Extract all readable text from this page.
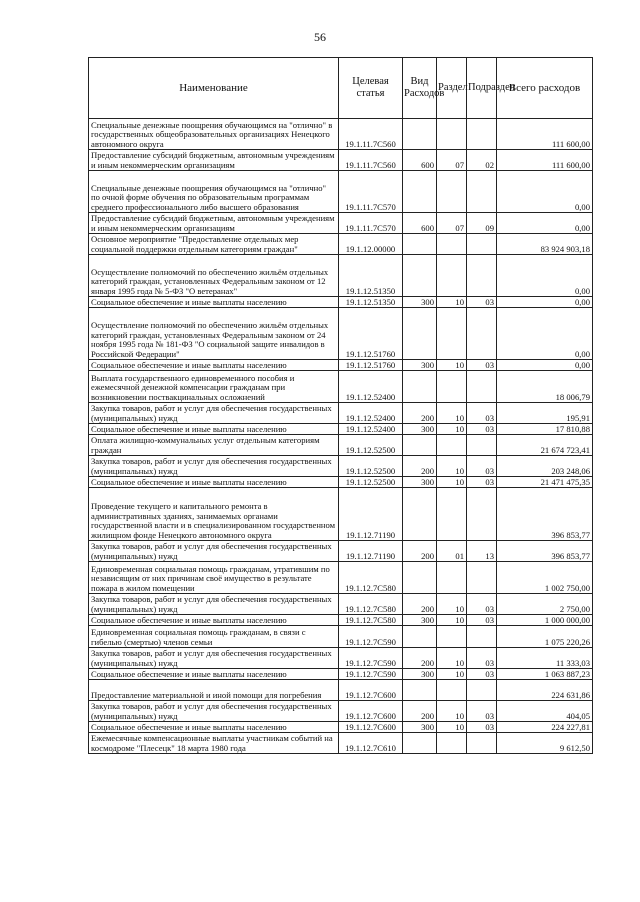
56
Наименование	Целевая статья	Вид Расходов	Раздел	Подраздел	Всего расходов
Специальные денежные поощрения обучающимся на "отлично" в государственных общеобразовательных организациях Ненецкого автономного округа	19.1.11.7С560				111 600,00
Предоставление субсидий бюджетным, автономным учреждениям и иным некоммерческим организациям	19.1.11.7С560	600	07	02	111 600,00
Специальные денежные поощрения обучающимся на "отлично" по очной форме обучения по образовательным программам среднего профессионального либо высшего образования	19.1.11.7С570				0,00
Предоставление субсидий бюджетным, автономным учреждениям и иным некоммерческим организациям	19.1.11.7С570	600	07	09	0,00
Основное мероприятие "Предоставление отдельных мер социальной поддержки отдельным категориям граждан"	19.1.12.00000				83 924 903,18
Осуществление полномочий по обеспечению жильём отдельных категорий граждан, установленных Федеральным законом от 12 января 1995 года № 5-ФЗ "О ветеранах"	19.1.12.51350				0,00
Социальное обеспечение и иные выплаты населению	19.1.12.51350	300	10	03	0,00
Осуществление полномочий по обеспечению жильём отдельных категорий граждан, установленных Федеральным законом от 24 ноября 1995 года № 181-ФЗ "О социальной защите инвалидов в Российской Федерации"	19.1.12.51760				0,00
Социальное обеспечение и иные выплаты населению	19.1.12.51760	300	10	03	0,00
Выплата государственного единовременного пособия и ежемесячной денежной компенсации гражданам при возникновении поствакцинальных осложнений	19.1.12.52400				18 006,79
Закупка товаров, работ и услуг для обеспечения государственных (муниципальных) нужд	19.1.12.52400	200	10	03	195,91
Социальное обеспечение и иные выплаты населению	19.1.12.52400	300	10	03	17 810,88
Оплата жилищно-коммунальных услуг отдельным категориям граждан	19.1.12.52500				21 674 723,41
Закупка товаров, работ и услуг для обеспечения государственных (муниципальных) нужд	19.1.12.52500	200	10	03	203 248,06
Социальное обеспечение и иные выплаты населению	19.1.12.52500	300	10	03	21 471 475,35
Проведение текущего и капитального ремонта в административных зданиях, занимаемых органами государственной власти и в специализированном государственном жилищном фонде Ненецкого автономного округа	19.1.12.71190				396 853,77
Закупка товаров, работ и услуг для обеспечения государственных (муниципальных) нужд	19.1.12.71190	200	01	13	396 853,77
Единовременная социальная помощь гражданам, утратившим по независящим от них причинам своё имущество в результате пожара в жилом помещении	19.1.12.7С580				1 002 750,00
Закупка товаров, работ и услуг для обеспечения государственных (муниципальных) нужд	19.1.12.7С580	200	10	03	2 750,00
Социальное обеспечение и иные выплаты населению	19.1.12.7С580	300	10	03	1 000 000,00
Единовременная социальная помощь гражданам, в связи с гибелью (смертью) членов семьи	19.1.12.7С590				1 075 220,26
Закупка товаров, работ и услуг для обеспечения государственных (муниципальных) нужд	19.1.12.7С590	200	10	03	11 333,03
Социальное обеспечение и иные выплаты населению	19.1.12.7С590	300	10	03	1 063 887,23
Предоставление материальной и иной помощи для погребения	19.1.12.7С600				224 631,86
Закупка товаров, работ и услуг для обеспечения государственных (муниципальных) нужд	19.1.12.7С600	200	10	03	404,05
Социальное обеспечение и иные выплаты населению	19.1.12.7С600	300	10	03	224 227,81
Ежемесячные компенсационные выплаты участникам событий на космодроме "Плесецк" 18 марта 1980 года	19.1.12.7С610				9 612,50
